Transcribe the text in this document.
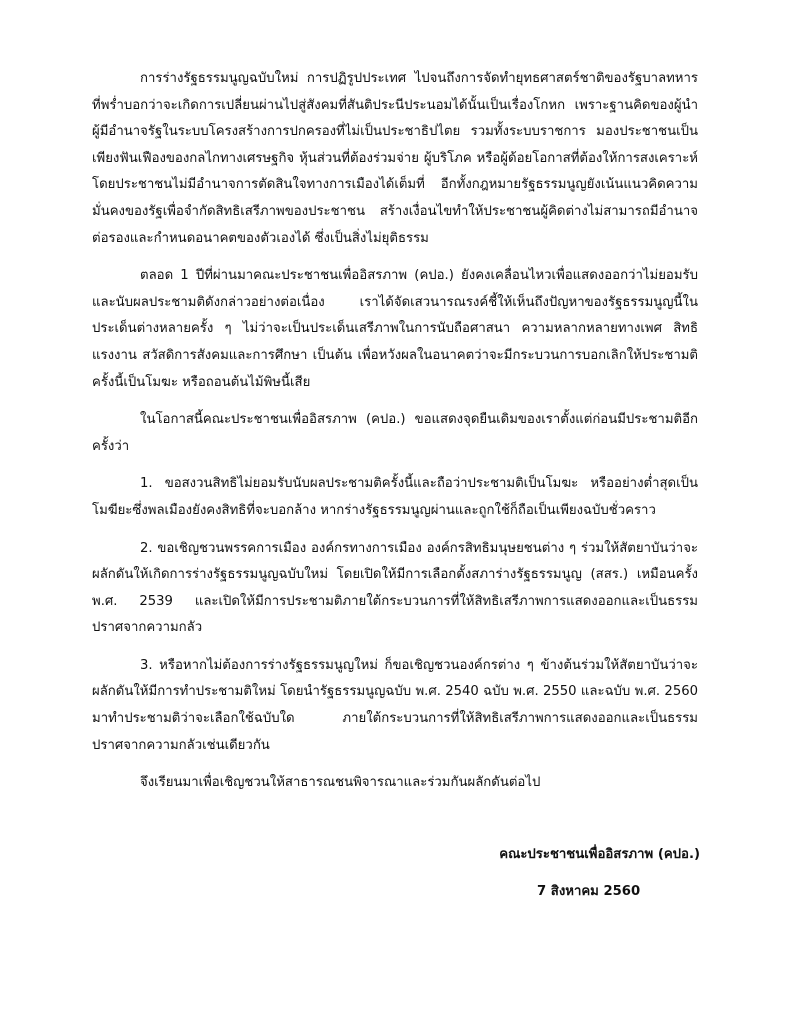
การร่างรัฐธรรมนูญฉบับใหม่ การปฏิรูปประเทศ ไปจนถึงการจัดทำยุทธศาสตร์ชาติของรัฐบาลทหาร ที่พร่ำบอกว่าจะเกิดการเปลี่ยนผ่านไปสู่สังคมที่สันติประนีประนอมได้นั้นเป็นเรื่องโกหก เพราะฐานคิดของผู้นำผู้มีอำนาจรัฐในระบบโครงสร้างการปกครองที่ไม่เป็นประชาธิปไตย รวมทั้งระบบราชการ มองประชาชนเป็นเพียงฟันเฟืองของกลไกทางเศรษฐกิจ หุ้นส่วนที่ต้องร่วมจ่าย ผู้บริโภค หรือผู้ด้อยโอกาสที่ต้องให้การสงเคราะห์ โดยประชาชนไม่มีอำนาจการตัดสินใจทางการเมืองได้เต็มที่ อีกทั้งกฎหมายรัฐธรรมนูญยังเน้นแนวคิดความมั่นคงของรัฐเพื่อจำกัดสิทธิเสรีภาพของประชาชน สร้างเงื่อนไขทำให้ประชาชนผู้คิดต่างไม่สามารถมีอำนาจต่อรองและกำหนดอนาคตของตัวเองได้ ซึ่งเป็นสิ่งไม่ยุติธรรม

ตลอด 1 ปีที่ผ่านมาคณะประชาชนเพื่ออิสรภาพ (คปอ.) ยังคงเคลื่อนไหวเพื่อแสดงออกว่าไม่ยอมรับและนับผลประชามติดังกล่าวอย่างต่อเนื่อง เราได้จัดเสวนารณรงค์ชี้ให้เห็นถึงปัญหาของรัฐธรรมนูญนี้ในประเด็นต่างหลายครั้ง ๆ ไม่ว่าจะเป็นประเด็นเสรีภาพในการนับถือศาสนา ความหลากหลายทางเพศ สิทธิแรงงาน สวัสดิการสังคมและการศึกษา เป็นต้น เพื่อหวังผลในอนาคตว่าจะมีกระบวนการบอกเลิกให้ประชามติครั้งนี้เป็นโมฆะ หรือถอนต้นไม้พิษนี้เสีย

ในโอกาสนี้คณะประชาชนเพื่ออิสรภาพ (คปอ.) ขอแสดงจุดยืนเดิมของเราตั้งแต่ก่อนมีประชามติอีกครั้งว่า

1. ขอสงวนสิทธิไม่ยอมรับนับผลประชามติครั้งนี้และถือว่าประชามติเป็นโมฆะ หรืออย่างต่ำสุดเป็นโมฆียะซึ่งพลเมืองยังคงสิทธิที่จะบอกล้าง หากร่างรัฐธรรมนูญผ่านและถูกใช้ก็ถือเป็นเพียงฉบับชั่วคราว

2. ขอเชิญชวนพรรคการเมือง องค์กรทางการเมือง องค์กรสิทธิมนุษยชนต่าง ๆ ร่วมให้สัตยาบันว่าจะผลักดันให้เกิดการร่างรัฐธรรมนูญฉบับใหม่ โดยเปิดให้มีการเลือกตั้งสภาร่างรัฐธรรมนูญ (สสร.) เหมือนครั้ง พ.ศ. 2539 และเปิดให้มีการประชามติภายใต้กระบวนการที่ให้สิทธิเสรีภาพการแสดงออกและเป็นธรรมปราศจากความกลัว

3. หรือหากไม่ต้องการร่างรัฐธรรมนูญใหม่ ก็ขอเชิญชวนองค์กรต่าง ๆ ข้างต้นร่วมให้สัตยาบันว่าจะผลักดันให้มีการทำประชามติใหม่ โดยนำรัฐธรรมนูญฉบับ พ.ศ. 2540 ฉบับ พ.ศ. 2550 และฉบับ พ.ศ. 2560 มาทำประชามติว่าจะเลือกใช้ฉบับใด ภายใต้กระบวนการที่ให้สิทธิเสรีภาพการแสดงออกและเป็นธรรมปราศจากความกลัวเช่นเดียวกัน

จึงเรียนมาเพื่อเชิญชวนให้สาธารณชนพิจารณาและร่วมกันผลักดันต่อไป

คณะประชาชนเพื่ออิสรภาพ (คปอ.)
7 สิงหาคม 2560
